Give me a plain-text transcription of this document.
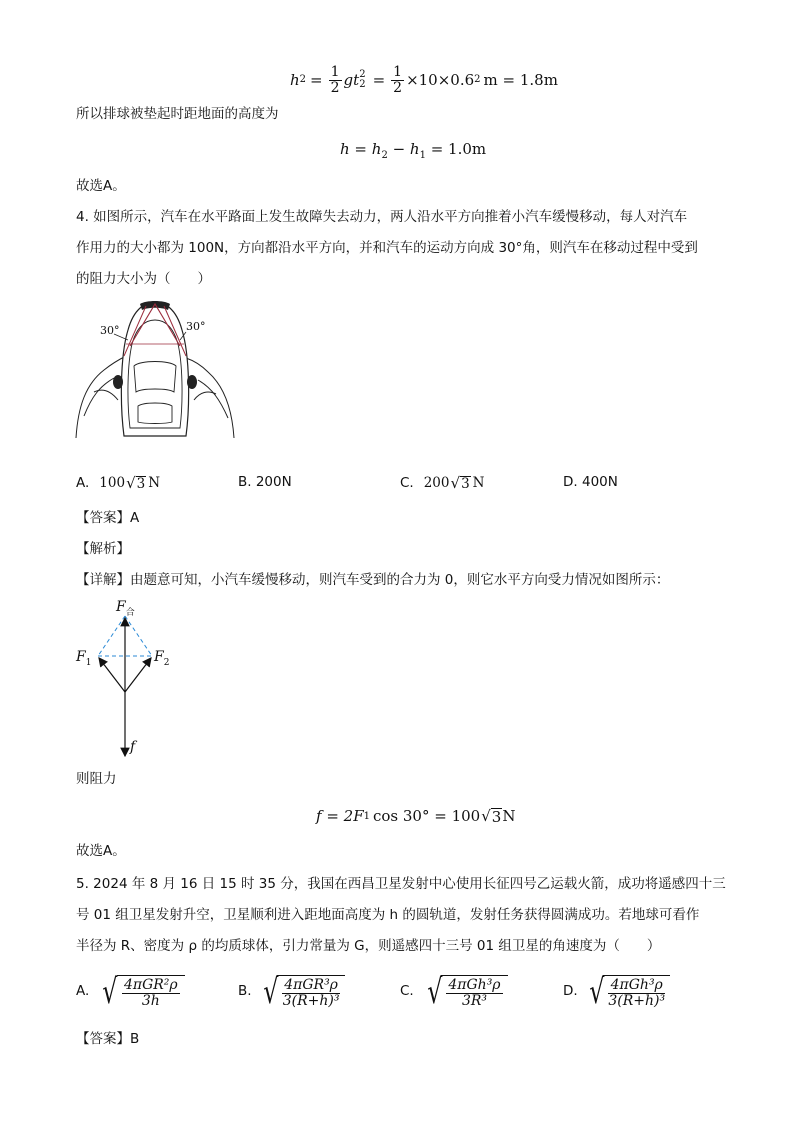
h $2 = \frac{1}{2}$ gt 2
$2 = \frac{1}{2} \times 10\times 0.6$ 2 m = 1.8m
所以排球被垫起时距地面的高度为
$h = h_2 - h_1 = 1.0m$
故选A。
4. 如图所示，汽车在水平路面上发生故障失去动力，两人沿水平方向推着小汽车缓慢移动，每人对汽车
作用力的大小都为 100N，方向都沿水平方向，并和汽车的运动方向成 30°角，则汽车在移动过程中受到
的阻力大小为（　　）
30°	30°
A. 100 √ 3 N	B. 200N	C. 200 √ 3 N	D. 400N
【答案】A
【解析】
【详解】由题意可知，小汽车缓慢移动，则汽车受到的合力为 0，则它水平方向受力情况如图所示：
$F_合$
$F_1$	$F_2$
f
则阻力
f = 2F 1 cos 30° = 100 √ 3 N
故选A。
5. 2024 年 8 月 16 日 15 时 35 分，我国在西昌卫星发射中心使用长征四号乙运载火箭，成功将遥感四十三
号 01 组卫星发射升空，卫星顺利进入距地面高度为 h 的圆轨道，发射任务获得圆满成功。若地球可看作
半径为 R、密度为 ρ 的均质球体，引力常量为 G，则遥感四十三号 01 组卫星的角速度为（　　）
A. √ $\frac{\text{4πGR²ρ}}{3h}$	B. √ $\frac{\text{4πGR³ρ}}{\text{3(R+h)³}}$	C. √ $\frac{\text{4πGh³ρ}}{\text{3R³}}$	D. √ $\frac{\text{4πGh³ρ}}{\text{3(R+h)³}}$
【答案】B
